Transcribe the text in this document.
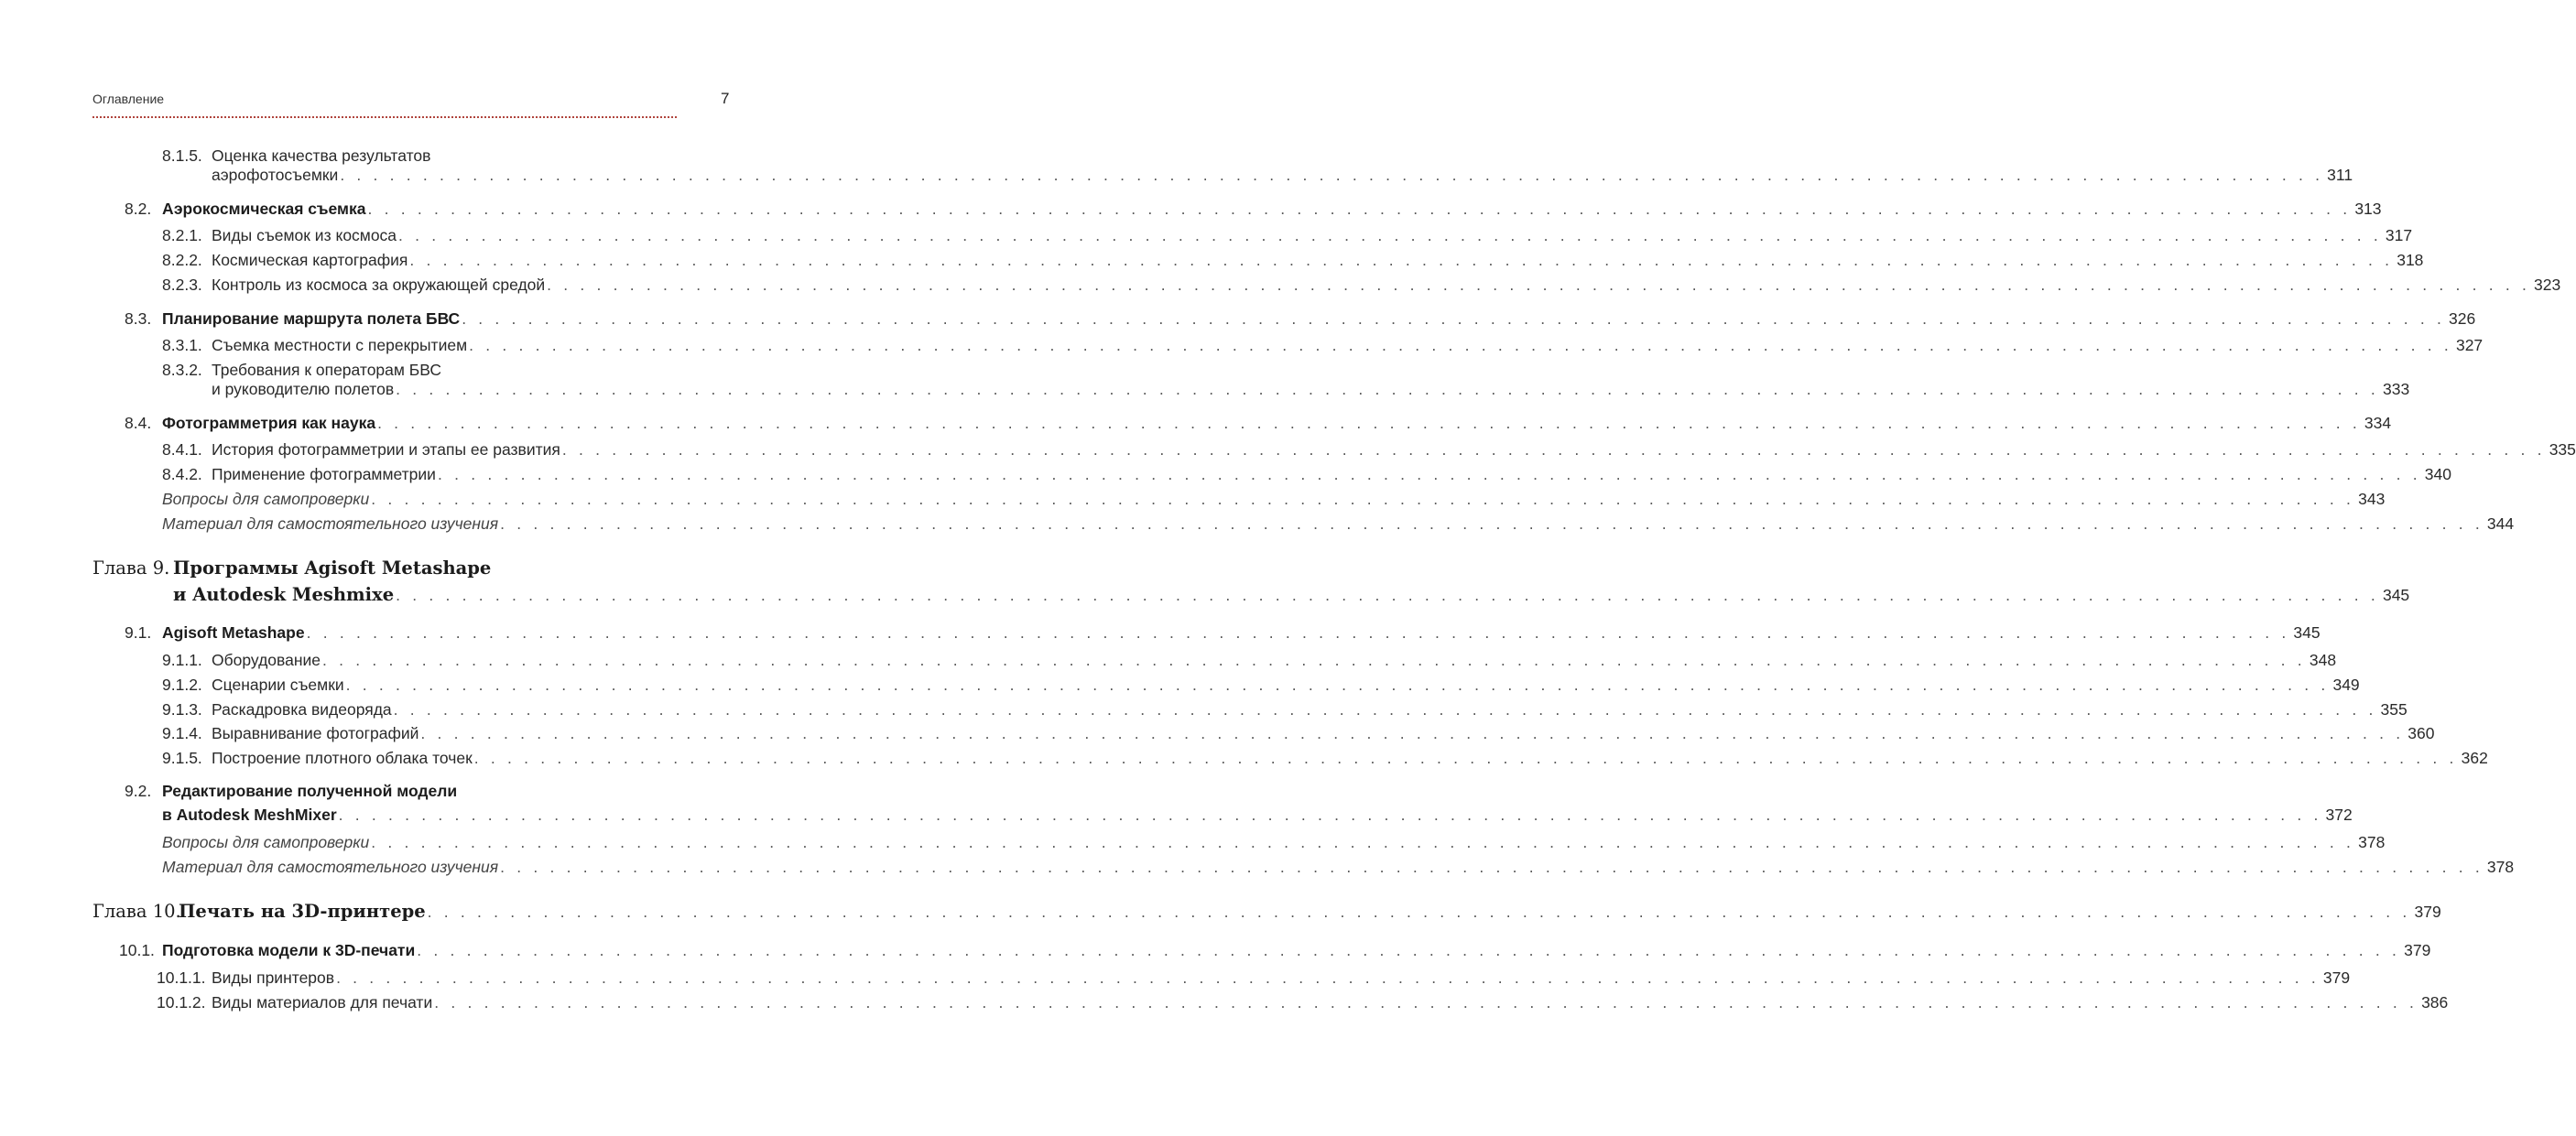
Оглавление	7
8.1.5. Оценка качества результатов
аэрофотосъемки . . . . . . . . . . . . . . . . . . . . . . . . . . . . . . . . . . . . . . . . . . . . . . . . . . . . . . . . . . . . . . . . . . . . . . . . . . . . . . . . . . . . . . . . . . . . . . . . . . . . . . . . . . . . . . . . . . . . . . . . 311
8.2. Аэрокосмическая съемка . . . . . . . . . . . . . . . . . . . . . . . . . . . . . . . . . . . . . . . . . . . . . . . . . . . . . . . . . . . . . . . . . . . . . . . . . . . . . . . . . . . . . . . . . . . . . . . . . . . . . . . . . . . . . . . . . . . . . . . . 313
8.2.1. Виды съемок из космоса . . . . . . . . . . . . . . . . . . . . . . . . . . . . . . . . . . . . . . . . . . . . . . . . . . . . . . . . . . . . . . . . . . . . . . . . . . . . . . . . . . . . . . . . . . . . . . . . . . . . . . . . . . . . . . . . . . . . . . . . 317
8.2.2. Космическая картография . . . . . . . . . . . . . . . . . . . . . . . . . . . . . . . . . . . . . . . . . . . . . . . . . . . . . . . . . . . . . . . . . . . . . . . . . . . . . . . . . . . . . . . . . . . . . . . . . . . . . . . . . . . . . . . . . . . . . . . . 318
8.2.3. Контроль из космоса за окружающей средой . . . . . . . . . . . . . . . . . . . . . . . . . . . . . . . . . . . . . . . . . . . . . . . . . . . . . . . . . . . . . . . . . . . . . . . . . . . . . . . . . . . . . . . . . . . . . . . . . . . . . . . . . . . . . . . . . . . . . . . . 323
8.3. Планирование маршрута полета БВС . . . . . . . . . . . . . . . . . . . . . . . . . . . . . . . . . . . . . . . . . . . . . . . . . . . . . . . . . . . . . . . . . . . . . . . . . . . . . . . . . . . . . . . . . . . . . . . . . . . . . . . . . . . . . . . . . . . . . . . . 326
8.3.1. Съемка местности с перекрытием . . . . . . . . . . . . . . . . . . . . . . . . . . . . . . . . . . . . . . . . . . . . . . . . . . . . . . . . . . . . . . . . . . . . . . . . . . . . . . . . . . . . . . . . . . . . . . . . . . . . . . . . . . . . . . . . . . . . . . . . 327
8.3.2. Требования к операторам БВС
и руководителю полетов . . . . . . . . . . . . . . . . . . . . . . . . . . . . . . . . . . . . . . . . . . . . . . . . . . . . . . . . . . . . . . . . . . . . . . . . . . . . . . . . . . . . . . . . . . . . . . . . . . . . . . . . . . . . . . . . . . . . . . . . 333
8.4. Фотограмметрия как наука . . . . . . . . . . . . . . . . . . . . . . . . . . . . . . . . . . . . . . . . . . . . . . . . . . . . . . . . . . . . . . . . . . . . . . . . . . . . . . . . . . . . . . . . . . . . . . . . . . . . . . . . . . . . . . . . . . . . . . . . 334
8.4.1. История фотограмметрии и этапы ее развития . . . . . . . . . . . . . . . . . . . . . . . . . . . . . . . . . . . . . . . . . . . . . . . . . . . . . . . . . . . . . . . . . . . . . . . . . . . . . . . . . . . . . . . . . . . . . . . . . . . . . . . . . . . . . . . . . . . . . . . . 335
8.4.2. Применение фотограмметрии . . . . . . . . . . . . . . . . . . . . . . . . . . . . . . . . . . . . . . . . . . . . . . . . . . . . . . . . . . . . . . . . . . . . . . . . . . . . . . . . . . . . . . . . . . . . . . . . . . . . . . . . . . . . . . . . . . . . . . . . 340
Вопросы для самопроверки . . . . . . . . . . . . . . . . . . . . . . . . . . . . . . . . . . . . . . . . . . . . . . . . . . . . . . . . . . . . . . . . . . . . . . . . . . . . . . . . . . . . . . . . . . . . . . . . . . . . . . . . . . . . . . . . . . . . . . . . 343
Материал для самостоятельного изучения . . . . . . . . . . . . . . . . . . . . . . . . . . . . . . . . . . . . . . . . . . . . . . . . . . . . . . . . . . . . . . . . . . . . . . . . . . . . . . . . . . . . . . . . . . . . . . . . . . . . . . . . . . . . . . . . . . . . . . . . 344
Глава 9. Программы Agisoft Metashape
и Autodesk Meshmixe . . . . . . . . . . . . . . . . . . . . . . . . . . . . . . . . . . . . . . . . . . . . . . . . . . . . . . . . . . . . . . . . . . . . . . . . . . . . . . . . . . . . . . . . . . . . . . . . . . . . . . . . . . . . . . . . . . . . . . . . 345
9.1. Agisoft Metashape . . . . . . . . . . . . . . . . . . . . . . . . . . . . . . . . . . . . . . . . . . . . . . . . . . . . . . . . . . . . . . . . . . . . . . . . . . . . . . . . . . . . . . . . . . . . . . . . . . . . . . . . . . . . . . . . . . . . . . . . 345
9.1.1. Оборудование . . . . . . . . . . . . . . . . . . . . . . . . . . . . . . . . . . . . . . . . . . . . . . . . . . . . . . . . . . . . . . . . . . . . . . . . . . . . . . . . . . . . . . . . . . . . . . . . . . . . . . . . . . . . . . . . . . . . . . . . 348
9.1.2. Сценарии съемки . . . . . . . . . . . . . . . . . . . . . . . . . . . . . . . . . . . . . . . . . . . . . . . . . . . . . . . . . . . . . . . . . . . . . . . . . . . . . . . . . . . . . . . . . . . . . . . . . . . . . . . . . . . . . . . . . . . . . . . . 349
9.1.3. Раскадровка видеоряда . . . . . . . . . . . . . . . . . . . . . . . . . . . . . . . . . . . . . . . . . . . . . . . . . . . . . . . . . . . . . . . . . . . . . . . . . . . . . . . . . . . . . . . . . . . . . . . . . . . . . . . . . . . . . . . . . . . . . . . . 355
9.1.4. Выравнивание фотографий . . . . . . . . . . . . . . . . . . . . . . . . . . . . . . . . . . . . . . . . . . . . . . . . . . . . . . . . . . . . . . . . . . . . . . . . . . . . . . . . . . . . . . . . . . . . . . . . . . . . . . . . . . . . . . . . . . . . . . . . 360
9.1.5. Построение плотного облака точек . . . . . . . . . . . . . . . . . . . . . . . . . . . . . . . . . . . . . . . . . . . . . . . . . . . . . . . . . . . . . . . . . . . . . . . . . . . . . . . . . . . . . . . . . . . . . . . . . . . . . . . . . . . . . . . . . . . . . . . . 362
9.2. Редактирование полученной модели
в Autodesk MeshMixer . . . . . . . . . . . . . . . . . . . . . . . . . . . . . . . . . . . . . . . . . . . . . . . . . . . . . . . . . . . . . . . . . . . . . . . . . . . . . . . . . . . . . . . . . . . . . . . . . . . . . . . . . . . . . . . . . . . . . . . . 372
Вопросы для самопроверки . . . . . . . . . . . . . . . . . . . . . . . . . . . . . . . . . . . . . . . . . . . . . . . . . . . . . . . . . . . . . . . . . . . . . . . . . . . . . . . . . . . . . . . . . . . . . . . . . . . . . . . . . . . . . . . . . . . . . . . . 378
Материал для самостоятельного изучения . . . . . . . . . . . . . . . . . . . . . . . . . . . . . . . . . . . . . . . . . . . . . . . . . . . . . . . . . . . . . . . . . . . . . . . . . . . . . . . . . . . . . . . . . . . . . . . . . . . . . . . . . . . . . . . . . . . . . . . . 378
Глава 10.
Печать на 3D-принтере . . . . . . . . . . . . . . . . . . . . . . . . . . . . . . . . . . . . . . . . . . . . . . . . . . . . . . . . . . . . . . . . . . . . . . . . . . . . . . . . . . . . . . . . . . . . . . . . . . . . . . . . . . . . . . . . . . . . . . . . 379
10.1. Подготовка модели к 3D-печати . . . . . . . . . . . . . . . . . . . . . . . . . . . . . . . . . . . . . . . . . . . . . . . . . . . . . . . . . . . . . . . . . . . . . . . . . . . . . . . . . . . . . . . . . . . . . . . . . . . . . . . . . . . . . . . . . . . . . . . . 379
10.1.1. Виды принтеров . . . . . . . . . . . . . . . . . . . . . . . . . . . . . . . . . . . . . . . . . . . . . . . . . . . . . . . . . . . . . . . . . . . . . . . . . . . . . . . . . . . . . . . . . . . . . . . . . . . . . . . . . . . . . . . . . . . . . . . . 379
10.1.2. Виды материалов для печати . . . . . . . . . . . . . . . . . . . . . . . . . . . . . . . . . . . . . . . . . . . . . . . . . . . . . . . . . . . . . . . . . . . . . . . . . . . . . . . . . . . . . . . . . . . . . . . . . . . . . . . . . . . . . . . . . . . . . . . . 386
